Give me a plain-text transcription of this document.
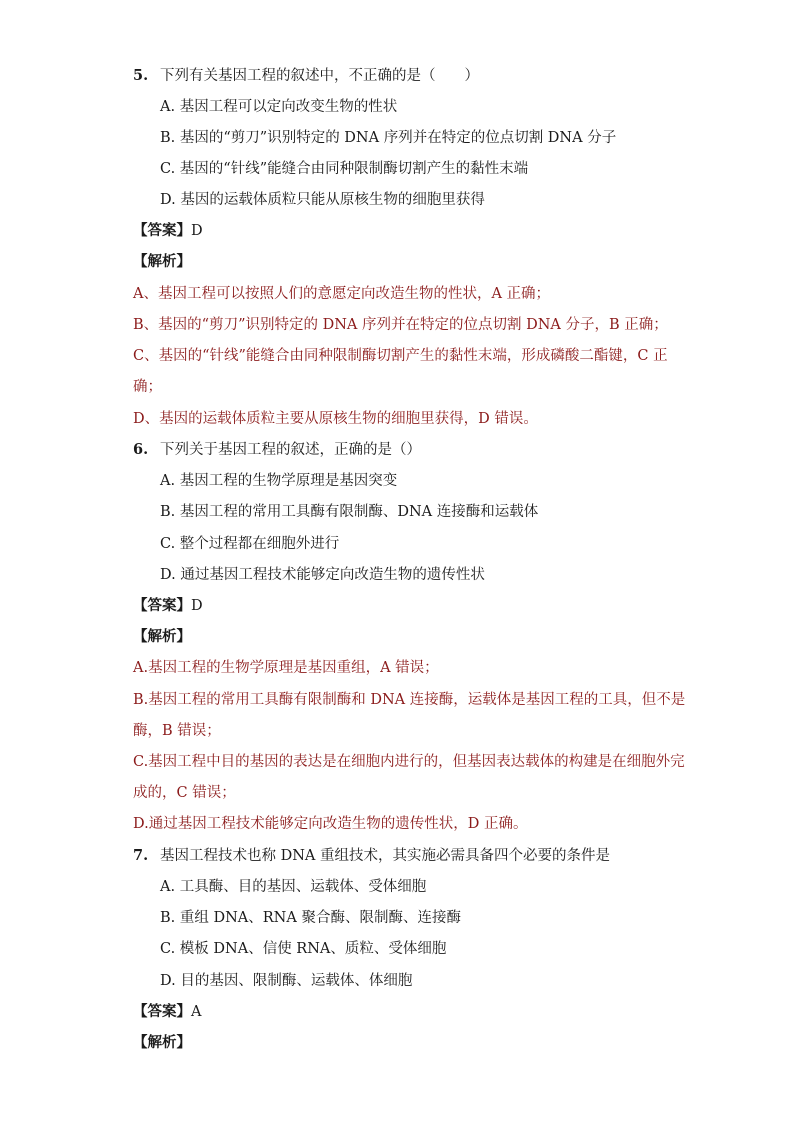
5. 下列有关基因工程的叙述中，不正确的是（　　）
A. 基因工程可以定向改变生物的性状
B. 基因的“剪刀”识别特定的 DNA 序列并在特定的位点切割 DNA 分子
C. 基因的“针线”能缝合由同种限制酶切割产生的黏性末端
D. 基因的运载体质粒只能从原核生物的细胞里获得
【答案】D
【解析】
A、基因工程可以按照人们的意愿定向改造生物的性状，A 正确；
B、基因的“剪刀”识别特定的 DNA 序列并在特定的位点切割 DNA 分子，B 正确；
C、基因的“针线”能缝合由同种限制酶切割产生的黏性末端，形成磷酸二酯键，C 正
确；
D、基因的运载体质粒主要从原核生物的细胞里获得，D 错误。
6. 下列关于基因工程的叙述，正确的是（）
A. 基因工程的生物学原理是基因突变
B. 基因工程的常用工具酶有限制酶、DNA 连接酶和运载体
C. 整个过程都在细胞外进行
D. 通过基因工程技术能够定向改造生物的遗传性状
【答案】D
【解析】
A.基因工程的生物学原理是基因重组，A 错误；
B.基因工程的常用工具酶有限制酶和 DNA 连接酶，运载体是基因工程的工具，但不是
酶，B 错误；
C.基因工程中目的基因的表达是在细胞内进行的，但基因表达载体的构建是在细胞外完
成的，C 错误；
D.通过基因工程技术能够定向改造生物的遗传性状，D 正确。
7. 基因工程技术也称 DNA 重组技术，其实施必需具备四个必要的条件是
A. 工具酶、目的基因、运载体、受体细胞
B. 重组 DNA、RNA 聚合酶、限制酶、连接酶
C. 模板 DNA、信使 RNA、质粒、受体细胞
D. 目的基因、限制酶、运载体、体细胞
【答案】A
【解析】
